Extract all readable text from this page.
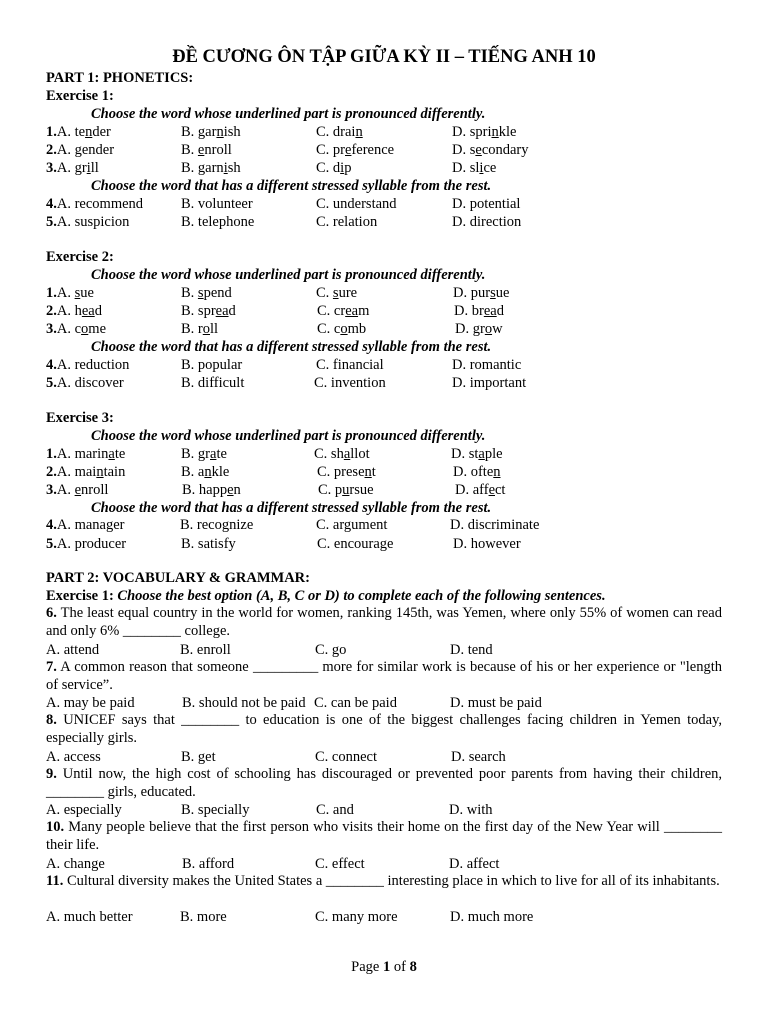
ĐỀ CƯƠNG ÔN TẬP GIỮA KỲ II – TIẾNG ANH 10
PART 1: PHONETICS:
Exercise 1:
Choose the word whose underlined part is pronounced differently.
1.A. tender	B. garnish	C. drain	D. sprinkle
2.A. gender	B. enroll	C. preference	D. secondary
3.A. grill	B. garnish	C. dip	D. slice
Choose the word that has a different stressed syllable from the rest.
4.A. recommend	B. volunteer	C. understand	D. potential
5.A. suspicion	B. telephone	C. relation	D. direction
Exercise 2:
Choose the word whose underlined part is pronounced differently.
1.A. sue	B. spend	C. sure	D. pursue
2.A. head	B. spread	C. cream	D. bread
3.A. come	B. roll	C. comb	D. grow
Choose the word that has a different stressed syllable from the rest.
4.A. reduction	B. popular	C. financial	D. romantic
5.A. discover	B. difficult	C. invention	D. important
Exercise 3:
Choose the word whose underlined part is pronounced differently.
1.A. marinate	B. grate	C. shallot	D. staple
2.A. maintain	B. ankle	C. present	D. often
3.A. enroll	B. happen	C. pursue	D. affect
Choose the word that has a different stressed syllable from the rest.
4.A. manager	B. recognize	C. argument	D. discriminate
5.A. producer	B. satisfy	C. encourage	D. however
PART 2: VOCABULARY & GRAMMAR:
Exercise 1: Choose the best option (A, B, C or D) to complete each of the following sentences.
6. The least equal country in the world for women, ranking 145th, was Yemen, where only 55% of women can read and only 6% ________ college.
A. attend	B. enroll	C. go	D. tend
7. A common reason that someone _________ more for similar work is because of his or her experience or "length of service”.
A. may be paid	B. should not be paid C. can be paid	D. must be paid
8. UNICEF says that ________ to education is one of the biggest challenges facing children in Yemen today, especially girls.
A. access	B. get	C. connect	D. search
9. Until now, the high cost of schooling has discouraged or prevented poor parents from having their children, ________ girls, educated.
A. especially	B. specially	C. and	D. with
10. Many people believe that the first person who visits their home on the first day of the New Year will ________ their life.
A. change	B. afford	C. effect	D. affect
11. Cultural diversity makes the United States a ________ interesting place in which to live for all of its inhabitants.
A. much better	B. more	C. many more	D. much more
Page 1 of 8
